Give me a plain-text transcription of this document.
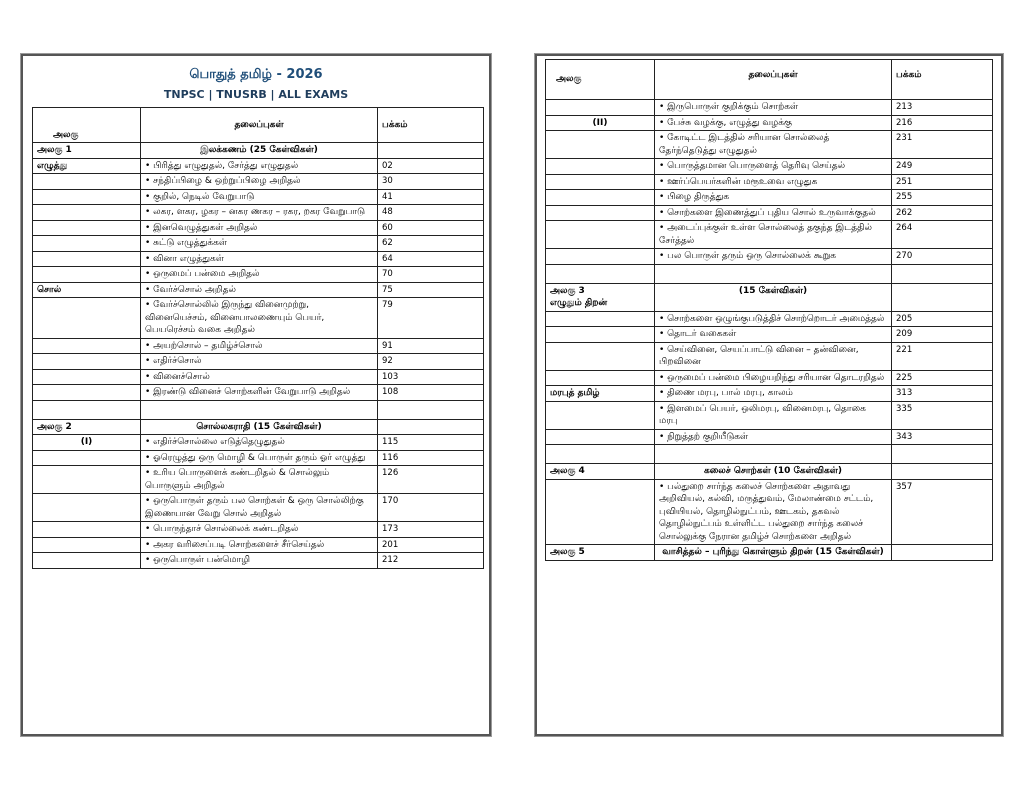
பொதுத் தமிழ் - 2026
TNPSC | TNUSRB | ALL EXAMS
அலகு	தலைப்புகள்	பக்கம்
அலகு 1	இலக்கணம் (25 கேள்விகள்)	
எழுத்து	• பிரித்து எழுதுதல், சேர்த்து எழுதுதல்	02
	• சந்திப்பிழை & ஒற்றுப்பிழை அறிதல்	30
	• குறில், நெடில் வேறுபாடு	41
	• லகர, ளகர, ழகர – னகர ணகர – ரகர, றகர வேறுபாடு	48
	• இனவெழுத்துகள் அறிதல்	60
	• சுட்டு எழுத்துக்கள்	62
	• வினா எழுத்துகள்	64
	• ஒருமைப் பன்மை அறிதல்	70
சொல்	• வேர்ச்சொல் அறிதல்	75
	• வேர்ச்சொல்லில் இருந்து வினைமுற்று, வினையெச்சம், வினையாலணையும் பெயர், பெயரெச்சம் வகை அறிதல்	79
	• அயற்சொல் – தமிழ்ச்சொல்	91
	• எதிர்ச்சொல்	92
	• வினைச்சொல்	103
	• இரண்டு வினைச் சொற்களின் வேறுபாடு அறிதல்	108

அலகு 2	சொல்லகராதி (15 கேள்விகள்)	
(I)	• எதிர்ச்சொல்லை எடுத்தெழுதுதல்	115
	• ஓரெழுத்து ஒரு மொழி & பொருள் தரும் ஓர் எழுத்து	116
	• உரிய பொருளைக் கண்டறிதல் & சொல்லும் பொருளும் அறிதல்	126
	• ஒருபொருள் தரும் பல சொற்கள் & ஒரு சொல்லிற்கு இணையான வேறு சொல் அறிதல்	170
	• பொருந்தாச் சொல்லைக் கண்டறிதல்	173
	• அகர வரிசைப்படி சொற்களைச் சீர்செய்தல்	201
	• ஒருபொருள் பன்மொழி	212
அலகு	தலைப்புகள்	பக்கம்
	• இருபொருள் குறிக்கும் சொற்கள்	213
(II)	• பேச்சு வழக்கு, எழுத்து வழக்கு	216
	• கோடிட்ட இடத்தில் சரியான சொல்லைத் தேர்ந்தெடுத்து எழுதுதல்	231
	• பொருத்தமான பொருளைத் தெரிவு செய்தல்	249
	• ஊர்ப்பெயர்களின் மரூஉவை எழுதுக	251
	• பிழை திருத்துக	255
	• சொற்களை இணைத்துப் புதிய சொல் உருவாக்குதல்	262
	• அடைப்புக்குள் உள்ள சொல்லைத் தகுந்த இடத்தில் சேர்த்தல்	264
	• பல பொருள் தரும் ஒரு சொல்லைக் கூறுக	270

அலகு 3
எழுதும் திறன்	(15 கேள்விகள்)	
	• சொற்களை ஒழுங்குபடுத்திச் சொற்றொடர் அமைத்தல்	205
	• தொடர் வகைகள்	209
	• செய்வினை, செயப்பாட்டு வினை – தன்வினை, பிறவினை	221
	• ஒருமைப் பன்மை பிழையறிந்து சரியான தொடரறிதல்	225
மரபுத் தமிழ்	• திணை மரபு, பால் மரபு, காலம்	313
	• இளமைப் பெயர், ஒலிமரபு, வினைமரபு, தொகை மரபு	335
	• நிறுத்தற் குறியீடுகள்	343

அலகு 4	கலைச் சொற்கள் (10 கேள்விகள்)	
	• பல்துறை சார்ந்த கலைச் சொற்களை அதாவது அறிவியல், கல்வி, மருத்துவம், மேலாண்மை சட்டம், புவியியல், தொழில்நுட்பம், ஊடகம், தகவல் தொழில்நுட்பம் உள்ளிட்ட பல்துறை சார்ந்த கலைச் சொல்லுக்கு நேரான தமிழ்ச் சொற்களை அறிதல்	357
அலகு 5	வாசித்தல் – புரிந்து கொள்ளும் திறன் (15 கேள்விகள்)	
